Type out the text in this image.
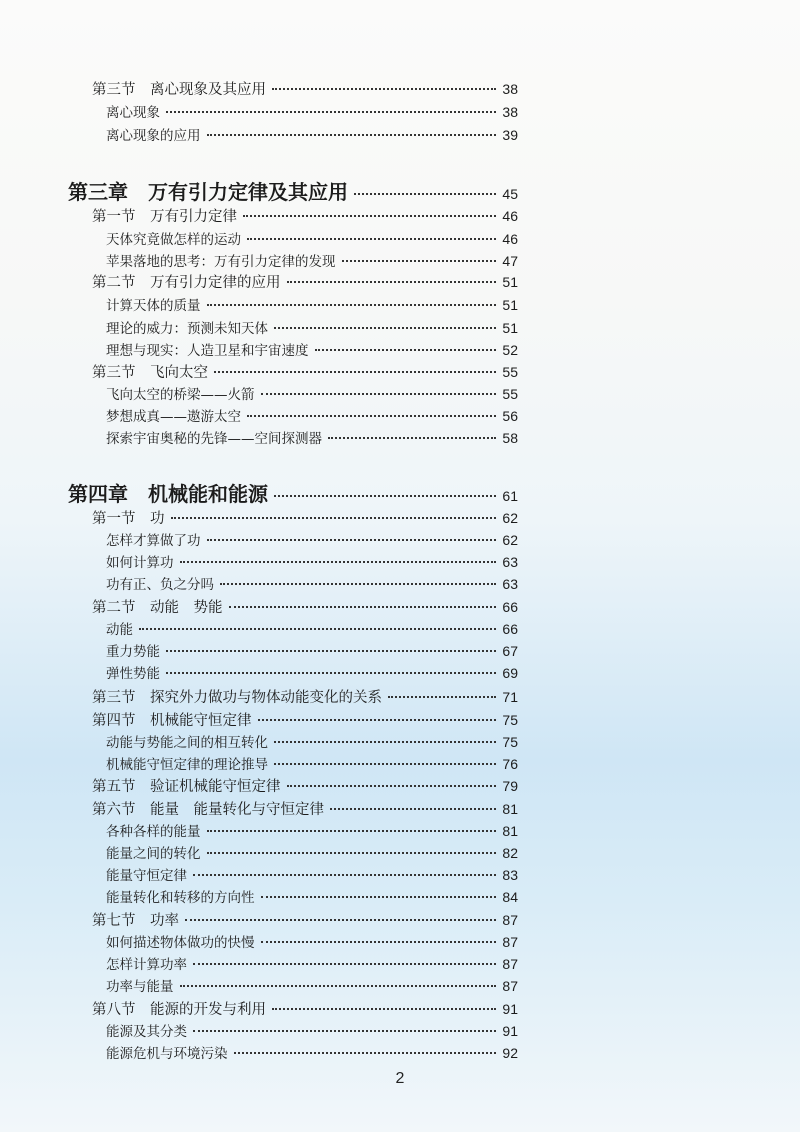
第三节　离心现象及其应用	38
离心现象	38
离心现象的应用	39
第三章　万有引力定律及其应用	45
第一节　万有引力定律	46
天体究竟做怎样的运动	46
苹果落地的思考：万有引力定律的发现	47
第二节　万有引力定律的应用	51
计算天体的质量	51
理论的威力：预测未知天体	51
理想与现实：人造卫星和宇宙速度	52
第三节　飞向太空	55
飞向太空的桥梁——火箭	55
梦想成真——遨游太空	56
探索宇宙奥秘的先锋——空间探测器	58
第四章　机械能和能源	61
第一节　功	62
怎样才算做了功	62
如何计算功	63
功有正、负之分吗	63
第二节　动能　势能	66
动能	66
重力势能	67
弹性势能	69
第三节　探究外力做功与物体动能变化的关系	71
第四节　机械能守恒定律	75
动能与势能之间的相互转化	75
机械能守恒定律的理论推导	76
第五节　验证机械能守恒定律	79
第六节　能量　能量转化与守恒定律	81
各种各样的能量	81
能量之间的转化	82
能量守恒定律	83
能量转化和转移的方向性	84
第七节　功率	87
如何描述物体做功的快慢	87
怎样计算功率	87
功率与能量	87
第八节　能源的开发与利用	91
能源及其分类	91
能源危机与环境污染	92
2
